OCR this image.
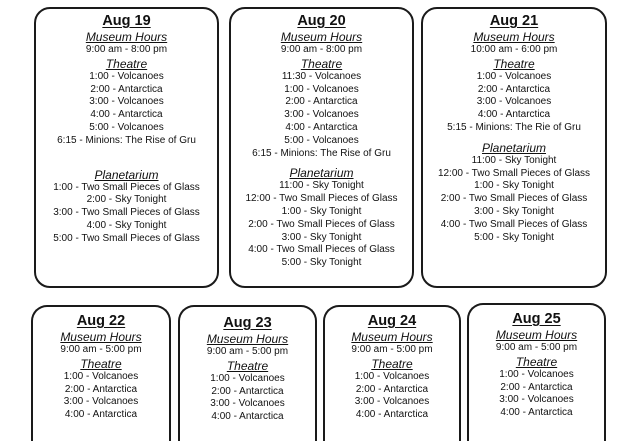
Aug 19
Museum Hours
9:00 am - 8:00 pm
Theatre
1:00 - Volcanoes
2:00 - Antarctica
3:00 - Volcanoes
4:00 - Antarctica
5:00 - Volcanoes
6:15 - Minions: The Rise of Gru
Planetarium
1:00 - Two Small Pieces of Glass
2:00 - Sky Tonight
3:00 - Two Small Pieces of Glass
4:00 - Sky Tonight
5:00 - Two Small Pieces of Glass
Aug 20
Museum Hours
9:00 am - 8:00 pm
Theatre
11:30 - Volcanoes
1:00 - Volcanoes
2:00 - Antarctica
3:00 - Volcanoes
4:00 - Antarctica
5:00 - Volcanoes
6:15 - Minions: The Rise of Gru
Planetarium
11:00 - Sky Tonight
12:00 - Two Small Pieces of Glass
1:00 - Sky Tonight
2:00 - Two Small Pieces of Glass
3:00 - Sky Tonight
4:00 - Two Small Pieces of Glass
5:00 - Sky Tonight
Aug 21
Museum Hours
10:00 am - 6:00 pm
Theatre
1:00 - Volcanoes
2:00 - Antarctica
3:00 - Volcanoes
4:00 - Antarctica
5:15 - Minions: The Rie of Gru
Planetarium
11:00 - Sky Tonight
12:00 - Two Small Pieces of Glass
1:00 - Sky Tonight
2:00 - Two Small Pieces of Glass
3:00 - Sky Tonight
4:00 - Two Small Pieces of Glass
5:00 - Sky Tonight
Aug 22
Museum Hours
9:00 am - 5:00 pm
Theatre
1:00 - Volcanoes
2:00 - Antarctica
3:00 - Volcanoes
4:00 - Antarctica
Aug 23
Museum Hours
9:00 am - 5:00 pm
Theatre
1:00 - Volcanoes
2:00 - Antarctica
3:00 - Volcanoes
4:00 - Antarctica
Aug 24
Museum Hours
9:00 am - 5:00 pm
Theatre
1:00 - Volcanoes
2:00 - Antarctica
3:00 - Volcanoes
4:00 - Antarctica
Aug 25
Museum Hours
9:00 am - 5:00 pm
Theatre
1:00 - Volcanoes
2:00 - Antarctica
3:00 - Volcanoes
4:00 - Antarctica
